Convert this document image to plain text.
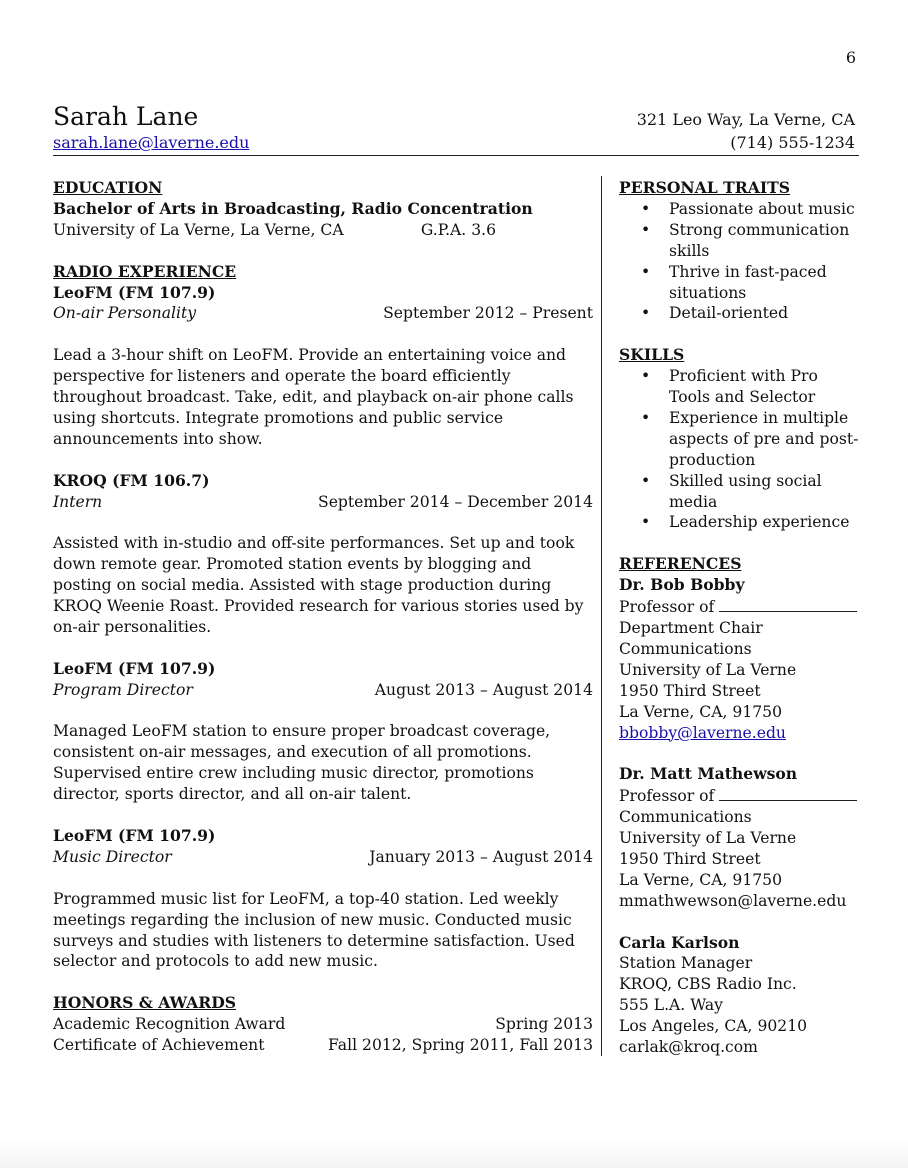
6
Sarah Lane
sarah.lane@laverne.edu
321 Leo Way, La Verne, CA
(714) 555-1234
EDUCATION
Bachelor of Arts in Broadcasting, Radio Concentration
University of La Verne, La Verne, CA	G.P.A. 3.6
RADIO EXPERIENCE
LeoFM (FM 107.9)
On-air Personality	September 2012 – Present

Lead a 3-hour shift on LeoFM. Provide an entertaining voice and perspective for listeners and operate the board efficiently throughout broadcast. Take, edit, and playback on-air phone calls using shortcuts. Integrate promotions and public service announcements into show.

KROQ (FM 106.7)
Intern	September 2014 – December 2014

Assisted with in-studio and off-site performances. Set up and took down remote gear. Promoted station events by blogging and posting on social media. Assisted with stage production during KROQ Weenie Roast. Provided research for various stories used by on-air personalities.

LeoFM (FM 107.9)
Program Director	August 2013 – August 2014

Managed LeoFM station to ensure proper broadcast coverage, consistent on-air messages, and execution of all promotions. Supervised entire crew including music director, promotions director, sports director, and all on-air talent.

LeoFM (FM 107.9)
Music Director	January 2013 – August 2014

Programmed music list for LeoFM, a top-40 station. Led weekly meetings regarding the inclusion of new music. Conducted music surveys and studies with listeners to determine satisfaction. Used selector and protocols to add new music.

HONORS & AWARDS
Academic Recognition Award	Spring 2013
Certificate of Achievement	Fall 2012, Spring 2011, Fall 2013
PERSONAL TRAITS
• Passionate about music
• Strong communication skills
• Thrive in fast-paced situations
• Detail-oriented
SKILLS
• Proficient with Pro Tools and Selector
• Experience in multiple aspects of pre and post-production
• Skilled using social media
• Leadership experience
REFERENCES
Dr. Bob Bobby
Professor of
Department Chair
Communications
University of La Verne
1950 Third Street
La Verne, CA, 91750
bbobby@laverne.edu
Dr. Matt Mathewson
Professor of
Communications
University of La Verne
1950 Third Street
La Verne, CA, 91750
mmathwewson@laverne.edu
Carla Karlson
Station Manager
KROQ, CBS Radio Inc.
555 L.A. Way
Los Angeles, CA, 90210
carlak@kroq.com
